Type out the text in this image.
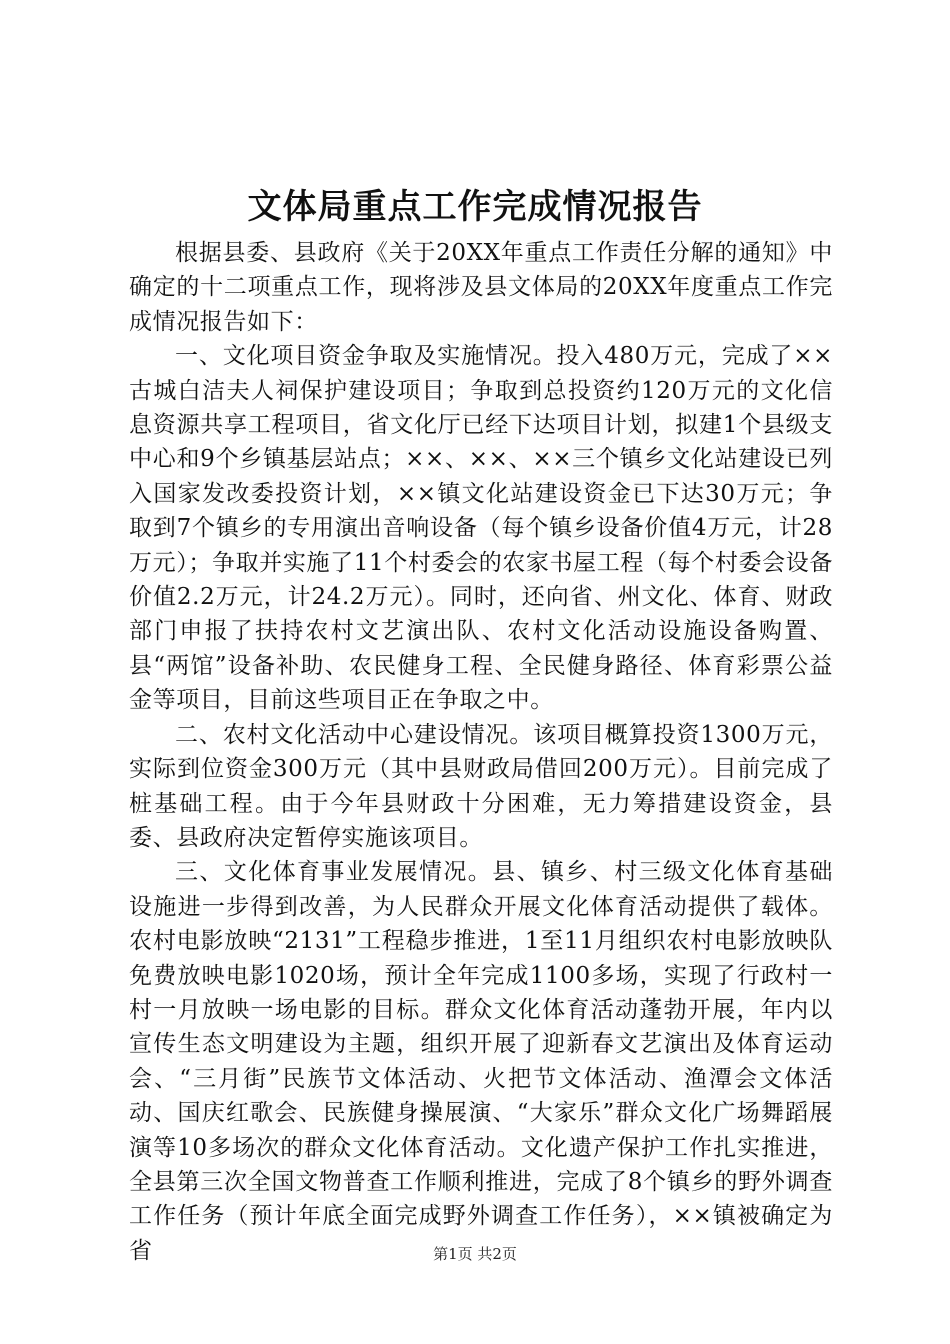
文体局重点工作完成情况报告

根据县委、县政府《关于20XX年重点工作责任分解的通知》中确定的十二项重点工作，现将涉及县文体局的20XX年度重点工作完成情况报告如下：

一、文化项目资金争取及实施情况。投入480万元，完成了××古城白洁夫人祠保护建设项目；争取到总投资约120万元的文化信息资源共享工程项目，省文化厅已经下达项目计划，拟建1个县级支中心和9个乡镇基层站点；××、××、××三个镇乡文化站建设已列入国家发改委投资计划，××镇文化站建设资金已下达30万元；争取到7个镇乡的专用演出音响设备（每个镇乡设备价值4万元，计28万元）；争取并实施了11个村委会的农家书屋工程（每个村委会设备价值2.2万元，计24.2万元）。同时，还向省、州文化、体育、财政部门申报了扶持农村文艺演出队、农村文化活动设施设备购置、县“两馆”设备补助、农民健身工程、全民健身路径、体育彩票公益金等项目，目前这些项目正在争取之中。

二、农村文化活动中心建设情况。该项目概算投资1300万元，实际到位资金300万元（其中县财政局借回200万元）。目前完成了桩基础工程。由于今年县财政十分困难，无力筹措建设资金，县委、县政府决定暂停实施该项目。

三、文化体育事业发展情况。县、镇乡、村三级文化体育基础设施进一步得到改善，为人民群众开展文化体育活动提供了载体。农村电影放映“2131”工程稳步推进，1至11月组织农村电影放映队免费放映电影1020场，预计全年完成1100多场，实现了行政村一村一月放映一场电影的目标。群众文化体育活动蓬勃开展，年内以宣传生态文明建设为主题，组织开展了迎新春文艺演出及体育运动会、“三月街”民族节文体活动、火把节文体活动、渔潭会文体活动、国庆红歌会、民族健身操展演、“大家乐”群众文化广场舞蹈展演等10多场次的群众文化体育活动。文化遗产保护工作扎实推进，全县第三次全国文物普查工作顺利推进，完成了8个镇乡的野外调查工作任务（预计年底全面完成野外调查工作任务），××镇被确定为省	第1页 共2页
